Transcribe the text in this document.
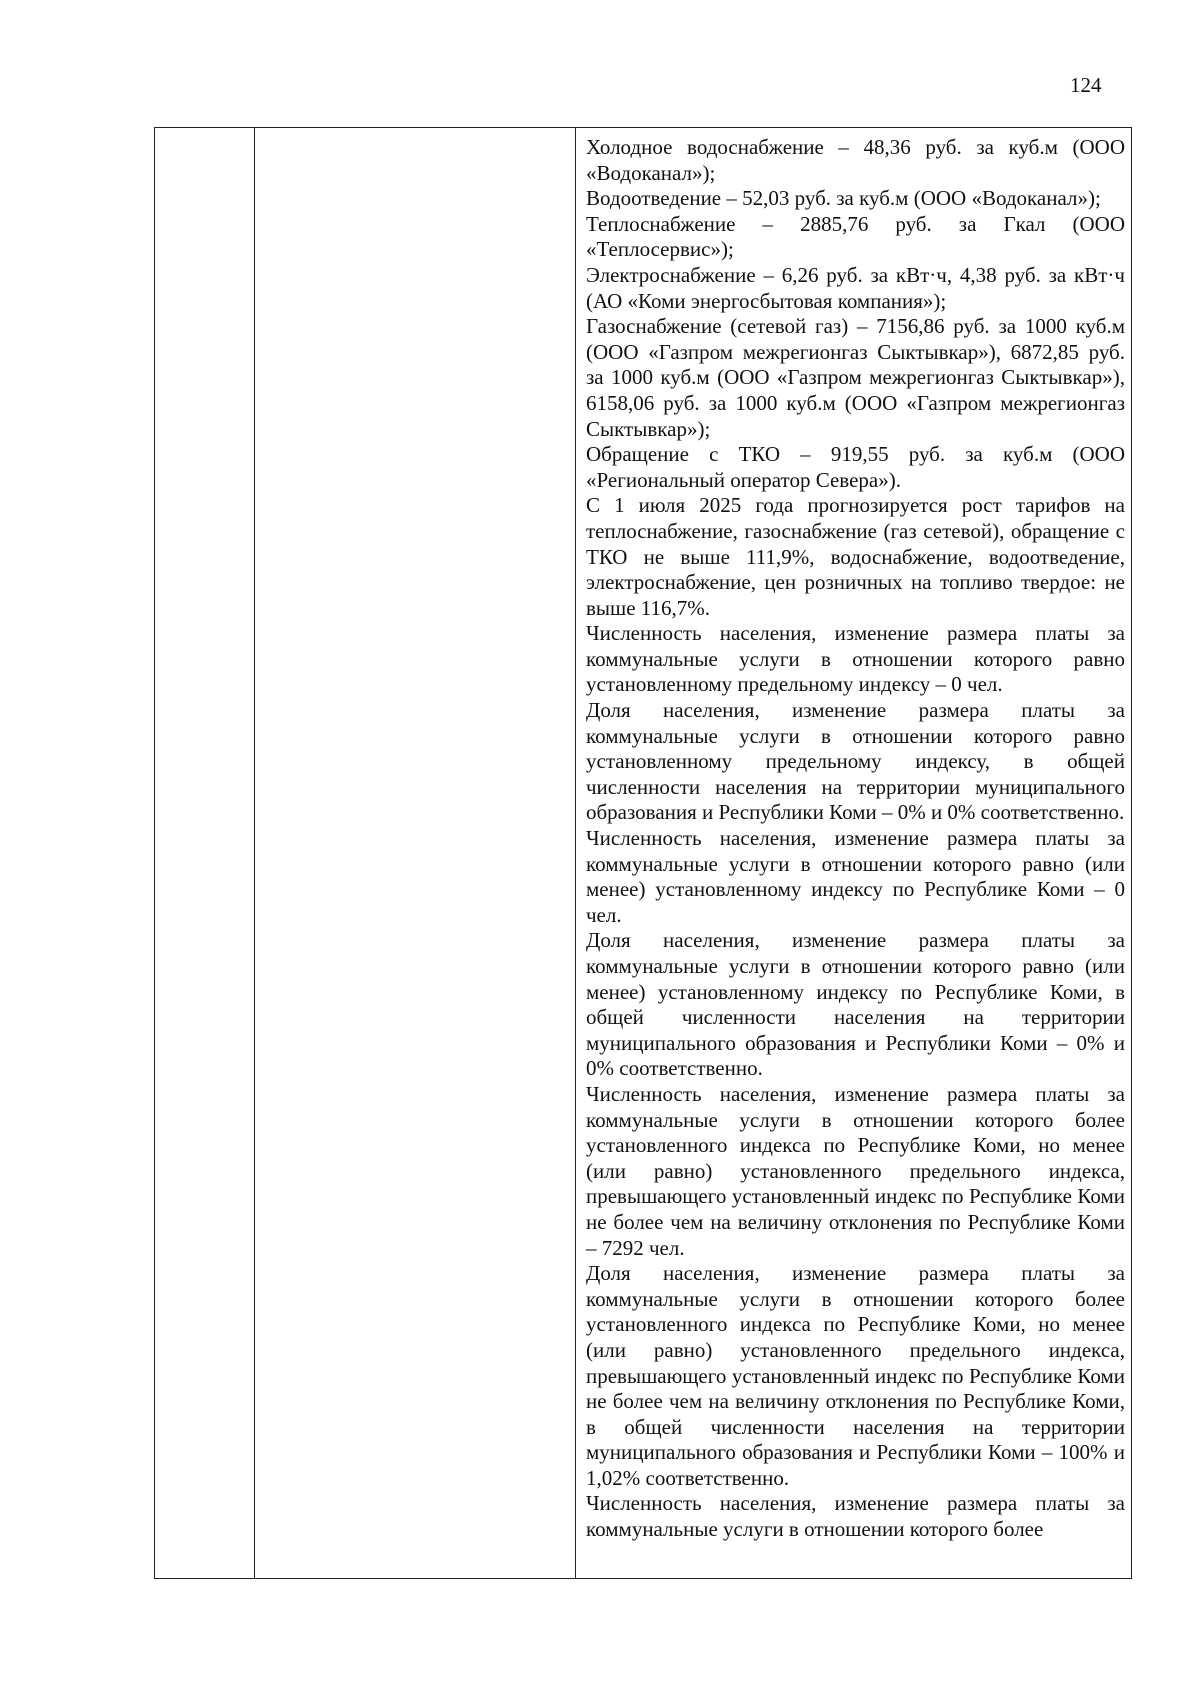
124

Холодное водоснабжение – 48,36 руб. за куб.м (ООО «Водоканал»);

Водоотведение – 52,03 руб. за куб.м (ООО «Водоканал»);

Теплоснабжение – 2885,76 руб. за Гкал (ООО «Теплосервис»);

Электроснабжение – 6,26 руб. за кВт·ч, 4,38 руб. за кВт·ч (АО «Коми энергосбытовая компания»);

Газоснабжение (сетевой газ) – 7156,86 руб. за 1000 куб.м (ООО «Газпром межрегионгаз Сыктывкар»), 6872,85 руб. за 1000 куб.м (ООО «Газпром межрегионгаз Сыктывкар»), 6158,06 руб. за 1000 куб.м (ООО «Газпром межрегионгаз Сыктывкар»);

Обращение с ТКО – 919,55 руб. за куб.м (ООО «Региональный оператор Севера»).

С 1 июля 2025 года прогнозируется рост тарифов на теплоснабжение, газоснабжение (газ сетевой), обращение с ТКО не выше 111,9%, водоснабжение, водоотведение, электроснабжение, цен розничных на топливо твердое: не выше 116,7%.

Численность населения, изменение размера платы за коммунальные услуги в отношении которого равно установленному предельному индексу – 0 чел.

Доля населения, изменение размера платы за коммунальные услуги в отношении которого равно установленному предельному индексу, в общей численности населения на территории муниципального образования и Республики Коми – 0% и 0% соответственно.

Численность населения, изменение размера платы за коммунальные услуги в отношении которого равно (или менее) установленному индексу по Республике Коми – 0 чел.

Доля населения, изменение размера платы за коммунальные услуги в отношении которого равно (или менее) установленному индексу по Республике Коми, в общей численности населения на территории муниципального образования и Республики Коми – 0% и 0% соответственно.

Численность населения, изменение размера платы за коммунальные услуги в отношении которого более установленного индекса по Республике Коми, но менее (или равно) установленного предельного индекса, превышающего установленный индекс по Республике Коми не более чем на величину отклонения по Республике Коми – 7292 чел.

Доля населения, изменение размера платы за коммунальные услуги в отношении которого более установленного индекса по Республике Коми, но менее (или равно) установленного предельного индекса, превышающего установленный индекс по Республике Коми не более чем на величину отклонения по Республике Коми, в общей численности населения на территории муниципального образования и Республики Коми – 100% и 1,02% соответственно.

Численность населения, изменение размера платы за коммунальные услуги в отношении которого более
